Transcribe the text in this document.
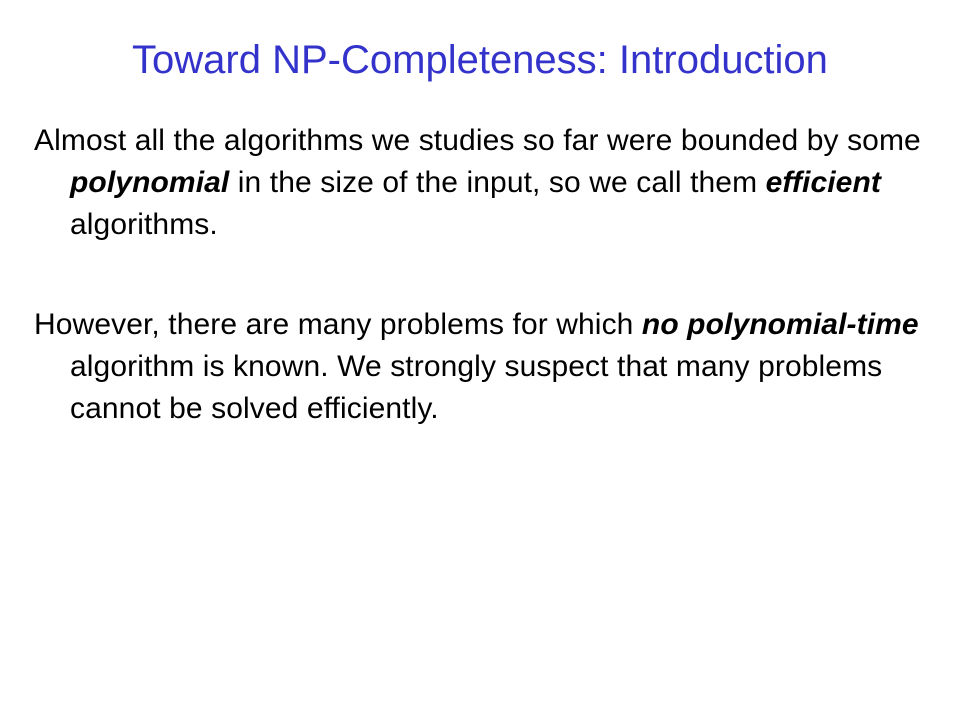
Toward NP-Completeness: Introduction

Almost all the algorithms we studies so far were bounded by some polynomial in the size of the input, so we call them efficient algorithms.

However, there are many problems for which no polynomial-time algorithm is known. We strongly suspect that many problems cannot be solved efficiently.
